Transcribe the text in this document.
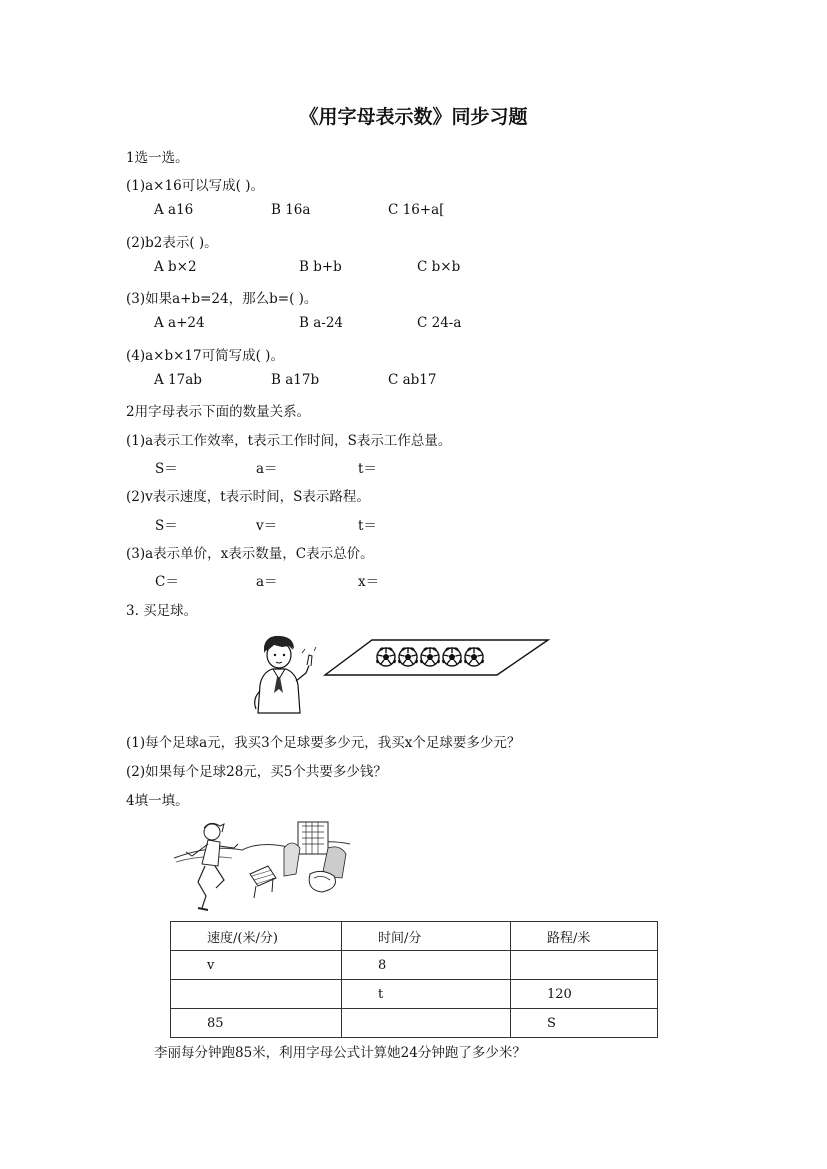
《用字母表示数》同步习题
1选一选。
(1)a×16可以写成( )。
A a16	B 16a	C 16+a[
(2)b2表示( )。
A b×2	B b+b	C b×b
(3)如果a+b=24，那么b=( )。
A a+24	B a-24	C 24-a
(4)a×b×17可简写成( )。
A 17ab	B a17b	C ab17
2用字母表示下面的数量关系。
(1)a表示工作效率，t表示工作时间，S表示工作总量。
S＝	a＝	t＝
(2)v表示速度，t表示时间，S表示路程。
S＝	v＝	t＝
(3)a表示单价，x表示数量，C表示总价。
C＝	a＝	x＝
3. 买足球。
(1)每个足球a元，我买3个足球要多少元，我买x个足球要多少元？
(2)如果每个足球28元，买5个共要多少钱？
4填一填。
速度/(米/分)	时间/分	路程/米
v	8	
	t	120
85		S
李丽每分钟跑85米，利用字母公式计算她24分钟跑了多少米？
